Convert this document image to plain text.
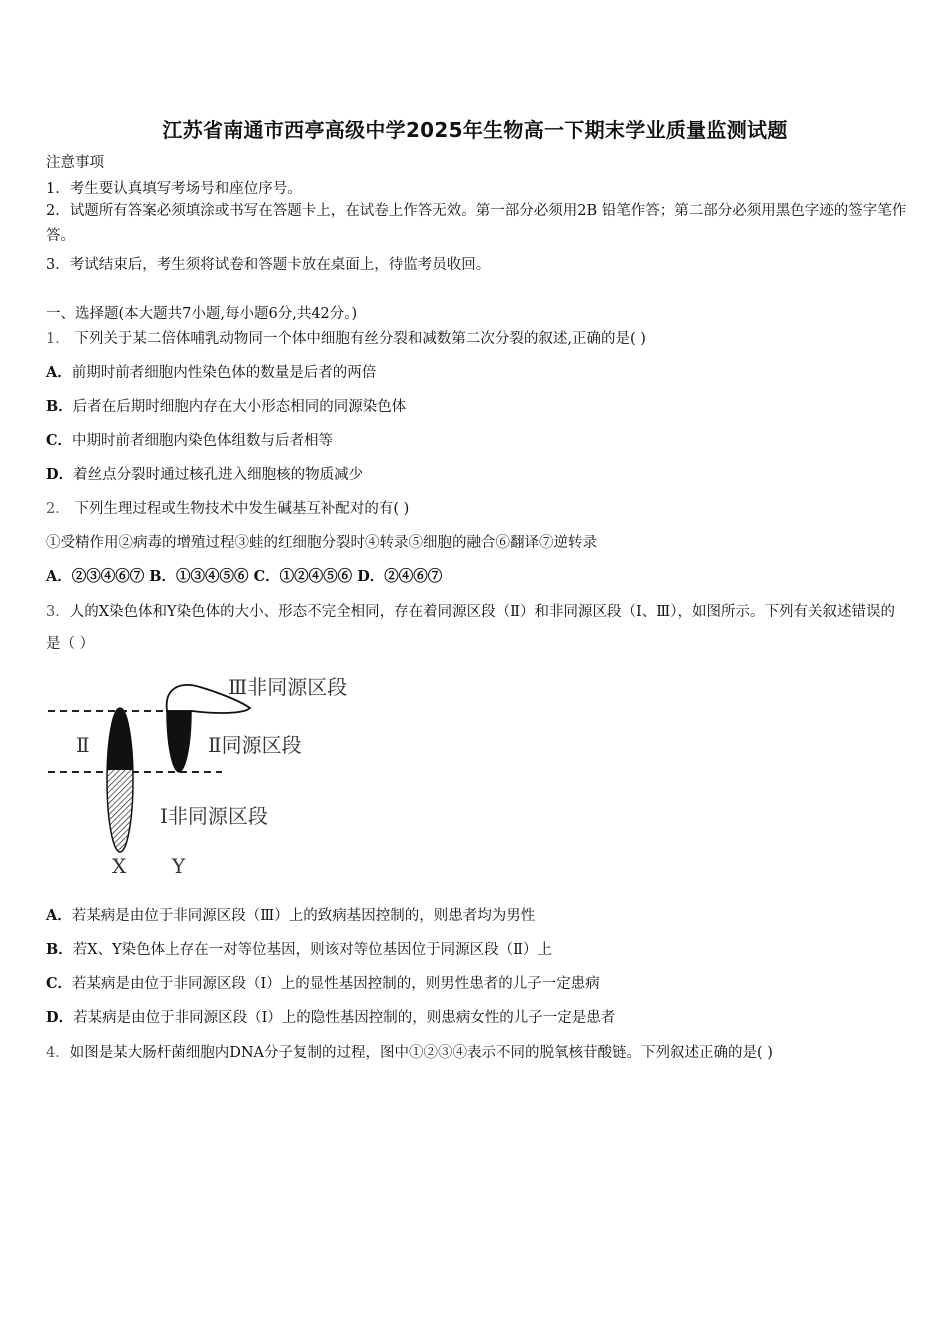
江苏省南通市西亭高级中学2025年生物高一下期末学业质量监测试题
注意事项
1．考生要认真填写考场号和座位序号。
2．试题所有答案必须填涂或书写在答题卡上，在试卷上作答无效。第一部分必须用2B 铅笔作答；第二部分必须用黑色字迹的签字笔作答。
3．考试结束后，考生须将试卷和答题卡放在桌面上，待监考员收回。
一、选择题(本大题共7小题,每小题6分,共42分。)
1． 下列关于某二倍体哺乳动物同一个体中细胞有丝分裂和减数第二次分裂的叙述,正确的是( )
A．前期时前者细胞内性染色体的数量是后者的两倍
B．后者在后期时细胞内存在大小形态相同的同源染色体
C．中期时前者细胞内染色体组数与后者相等
D．着丝点分裂时通过核孔进入细胞核的物质减少
2． 下列生理过程或生物技术中发生碱基互补配对的有( )
①受精作用②病毒的增殖过程③蛙的红细胞分裂时④转录⑤细胞的融合⑥翻译⑦逆转录
A．②③④⑥⑦ B．①③④⑤⑥ C．①②④⑤⑥ D．②④⑥⑦
3．人的X染色体和Y染色体的大小、形态不完全相同，存在着同源区段（Ⅱ）和非同源区段（Ⅰ、Ⅲ），如图所示。下列有关叙述错误的是（ ）
Ⅲ非同源区段
Ⅱ	Ⅱ同源区段
Ⅰ非同源区段
X Y
A．若某病是由位于非同源区段（Ⅲ）上的致病基因控制的，则患者均为男性
B．若X、Y染色体上存在一对等位基因，则该对等位基因位于同源区段（Ⅱ）上
C．若某病是由位于非同源区段（Ⅰ）上的显性基因控制的，则男性患者的儿子一定患病
D．若某病是由位于非同源区段（Ⅰ）上的隐性基因控制的，则患病女性的儿子一定是患者
4．如图是某大肠杆菌细胞内DNA分子复制的过程，图中①②③④表示不同的脱氧核苷酸链。下列叙述正确的是( )
